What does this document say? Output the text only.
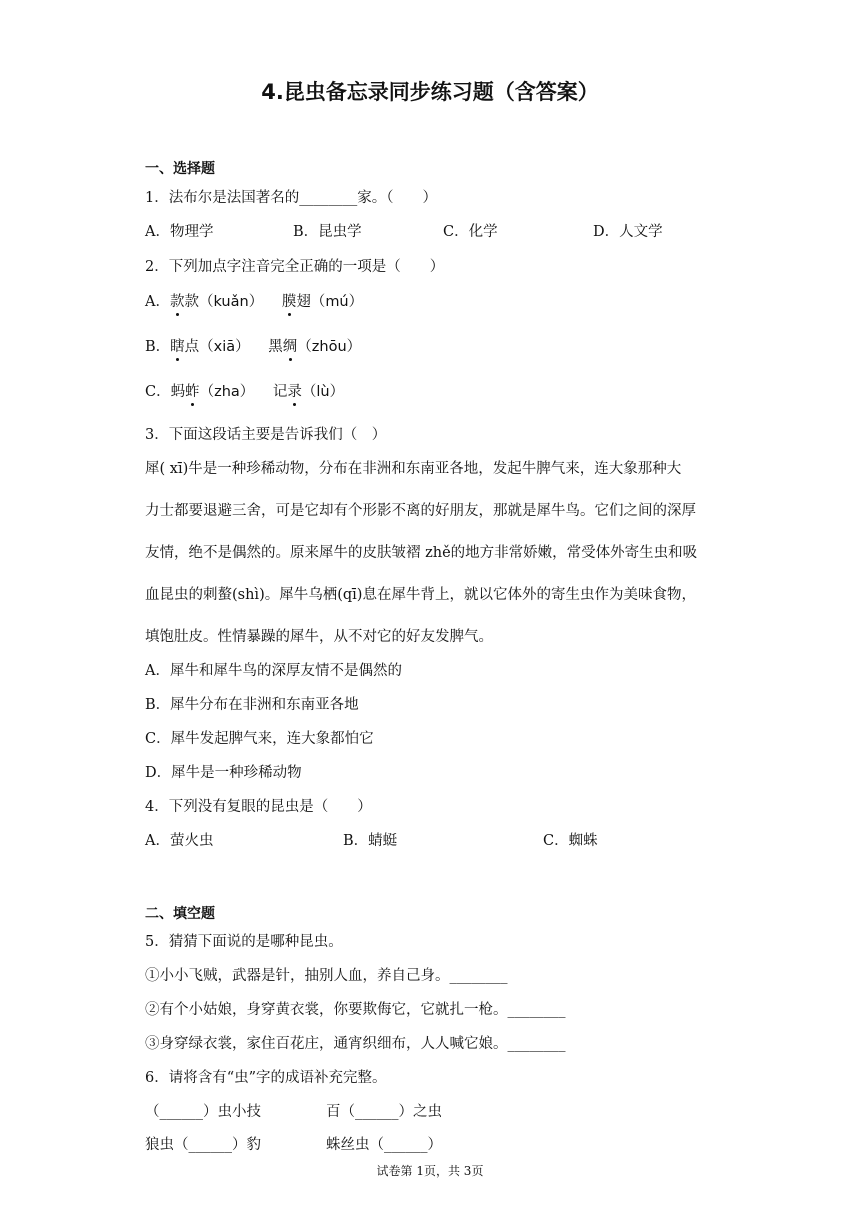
4.昆虫备忘录同步练习题（含答案）
一、选择题
1．法布尔是法国著名的________家。（　　）
A．物理学	B．昆虫学	C．化学	D．人文学
2．下列加点字注音完全正确的一项是（　　）
A．款款（kuǎn） 膜翅（mú）
B．瞎点（xiā） 黑绸（zhōu）
C．蚂蚱（zha） 记录（lù）
3．下面这段话主要是告诉我们（　）
犀( xī)牛是一种珍稀动物，分布在非洲和东南亚各地，发起牛脾气来，连大象那种大
力士都要退避三舍，可是它却有个形影不离的好朋友，那就是犀牛鸟。它们之间的深厚
友情，绝不是偶然的。原来犀牛的皮肤皱褶 zhě的地方非常娇嫩，常受体外寄生虫和吸
血昆虫的刺螯(shì)。犀牛乌栖(qī)息在犀牛背上，就以它体外的寄生虫作为美味食物，
填饱肚皮。性情暴躁的犀牛，从不对它的好友发脾气。
A．犀牛和犀牛鸟的深厚友情不是偶然的
B．犀牛分布在非洲和东南亚各地
C．犀牛发起脾气来，连大象都怕它
D．犀牛是一种珍稀动物
4．下列没有复眼的昆虫是（　　）
A．萤火虫	B．蜻蜓	C．蜘蛛
二、填空题
5．猜猜下面说的是哪种昆虫。
①小小飞贼，武器是针，抽别人血，养自己身。________
②有个小姑娘，身穿黄衣裳，你要欺侮它，它就扎一枪。________
③身穿绿衣裳，家住百花庄，通宵织细布，人人喊它娘。________
6．请将含有“虫”字的成语补充完整。
（______）虫小技	百（______）之虫
狼虫（______）豹	蛛丝虫（______）
试卷第 1页，共 3页
